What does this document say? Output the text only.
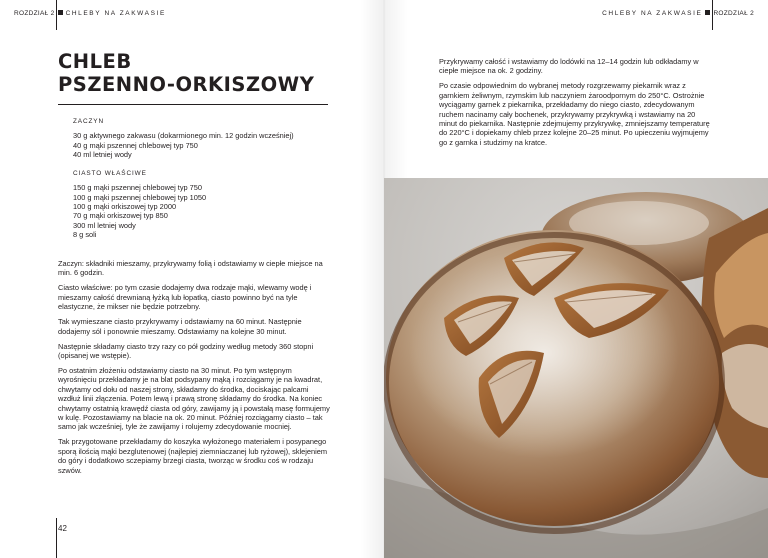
ROZDZIAŁ 2 CHLEBY NA ZAKWASIE	CHLEBY NA ZAKWASIE ROZDZIAŁ 2
CHLEB
PSZENNO-ORKISZOWY
ZACZYN
30 g aktywnego zakwasu (dokarmionego min. 12 godzin wcześniej)
40 g mąki pszennej chlebowej typ 750
40 ml letniej wody
CIASTO WŁAŚCIWE
150 g mąki pszennej chlebowej typ 750
100 g mąki pszennej chlebowej typ 1050
100 g mąki orkiszowej typ 2000
70 g mąki orkiszowej typ 850
300 ml letniej wody
8 g soli

Zaczyn: składniki mieszamy, przykrywamy folią i odstawiamy w ciepłe miejsce na min. 6 godzin.

Ciasto właściwe: po tym czasie dodajemy dwa rodzaje mąki, wlewamy wodę i mieszamy całość drewnianą łyżką lub łopatką, ciasto powinno być na tyle elastyczne, że mikser nie będzie potrzebny.

Tak wymieszane ciasto przykrywamy i odstawiamy na 60 minut. Następnie dodajemy sól i ponownie mieszamy. Odstawiamy na kolejne 30 minut.

Następnie składamy ciasto trzy razy co pół godziny według metody 360 stopni (opisanej we wstępie).

Po ostatnim złożeniu odstawiamy ciasto na 30 minut. Po tym wstępnym wyrośnięciu przekładamy je na blat podsypany mąką i rozciągamy je na kwadrat, chwytamy od dołu od naszej strony, składamy do środka, dociskając palcami wzdłuż linii złączenia. Potem lewą i prawą stronę składamy do środka. Na koniec chwytamy ostatnią krawędź ciasta od góry, zawijamy ją i powstałą masę formujemy w kulę. Pozostawiamy na blacie na ok. 20 minut. Później rozciągamy ciasto – tak samo jak wcześniej, tyle że zawijamy i rolujemy zdecydowanie mocniej.

Tak przygotowane przekładamy do koszyka wyłożonego materiałem i posypanego sporą ilością mąki bezglutenowej (najlepiej ziemniaczanej lub ryżowej), sklejeniem do góry i dodatkowo sczepiamy brzegi ciasta, tworząc w środku coś w rodzaju szwów.

42

Przykrywamy całość i wstawiamy do lodówki na 12–14 godzin lub odkładamy w ciepłe miejsce na ok. 2 godziny.

Po czasie odpowiednim do wybranej metody rozgrzewamy piekarnik wraz z garnkiem żeliwnym, rzymskim lub naczyniem żaroodpornym do 250°C. Ostrożnie wyciągamy garnek z piekarnika, przekładamy do niego ciasto, zdecydowanym ruchem nacinamy cały bochenek, przykrywamy przykrywką i wstawiamy na 20 minut do piekarnika. Następnie zdejmujemy przykrywkę, zmniejszamy temperaturę do 220°C i dopiekamy chleb przez kolejne 20–25 minut. Po upieczeniu wyjmujemy go z garnka i studzimy na kratce.
